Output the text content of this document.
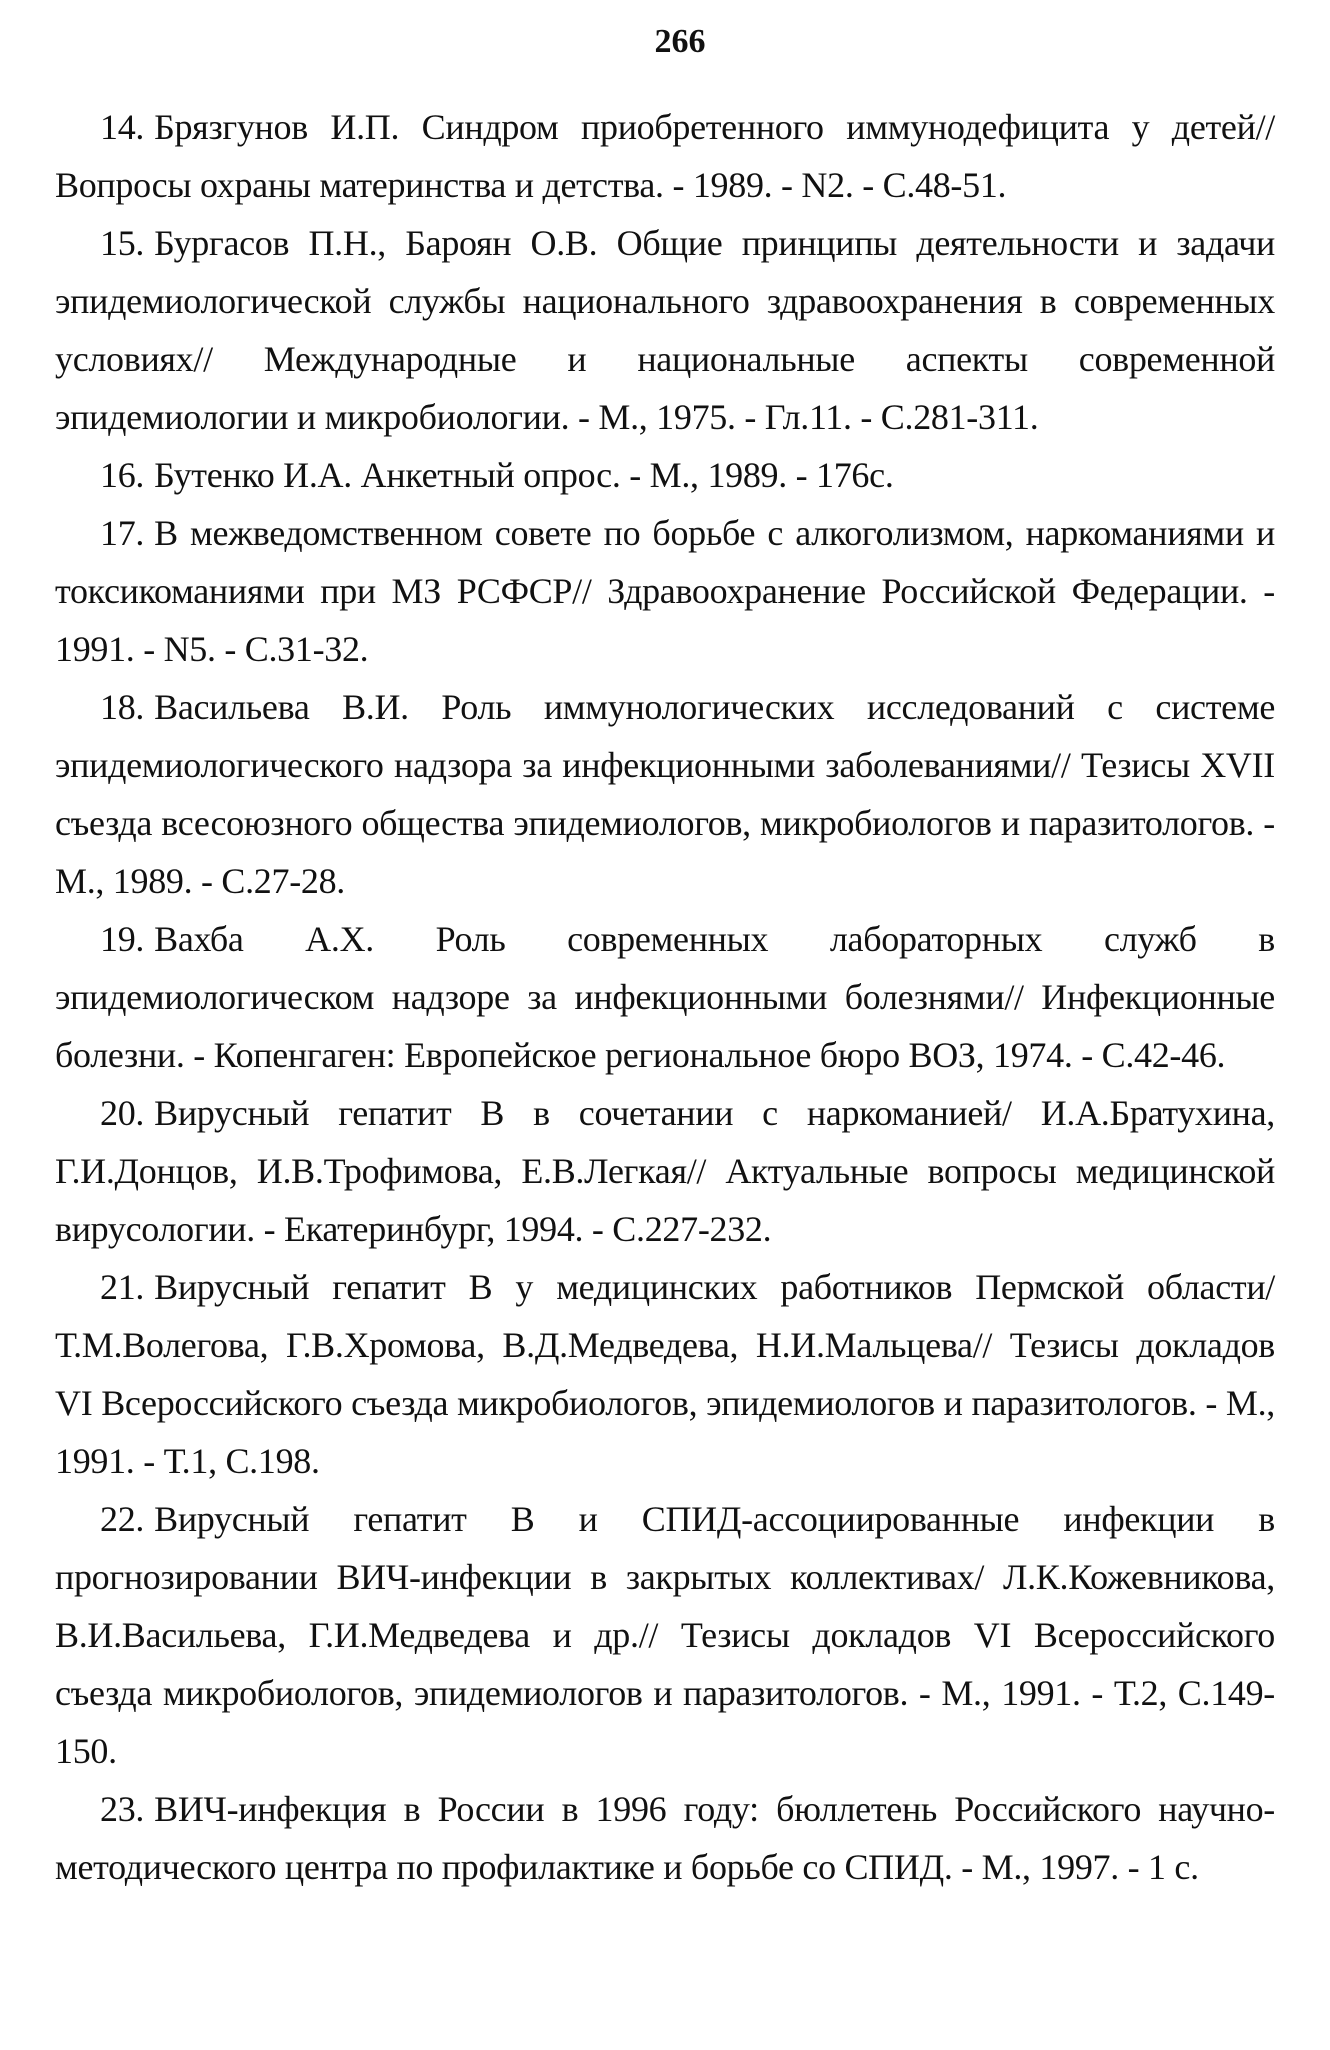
266

14. Брязгунов И.П. Синдром приобретенного иммунодефицита у детей// Вопросы охраны материнства и детства. - 1989. - N2. - С.48-51.

15. Бургасов П.Н., Бароян О.В. Общие принципы деятельности и задачи эпидемиологической службы национального здравоохранения в современных условиях// Международные и национальные аспекты современной эпидемиологии и микробиологии. - М., 1975. - Гл.11. - С.281-311.

16. Бутенко И.А. Анкетный опрос. - М., 1989. - 176с.

17. В межведомственном совете по борьбе с алкоголизмом, наркоманиями и токсикоманиями при МЗ РСФСР// Здравоохранение Российской Федерации. - 1991. - N5. - С.31-32.

18. Васильева В.И. Роль иммунологических исследований с системе эпидемиологического надзора за инфекционными заболеваниями// Тезисы XVII съезда всесоюзного общества эпидемиологов, микробиологов и паразитологов. - М., 1989. - С.27-28.

19. Вахба А.Х. Роль современных лабораторных служб в эпидемиологическом надзоре за инфекционными болезнями// Инфекционные болезни. - Копенгаген: Европейское региональное бюро ВОЗ, 1974. - С.42-46.

20. Вирусный гепатит В в сочетании с наркоманией/ И.А.Братухина, Г.И.Донцов, И.В.Трофимова, Е.В.Легкая// Актуальные вопросы медицинской вирусологии. - Екатеринбург, 1994. - С.227-232.

21. Вирусный гепатит В у медицинских работников Пермской области/ Т.М.Волегова, Г.В.Хромова, В.Д.Медведева, Н.И.Мальцева// Тезисы докладов VI Всероссийского съезда микробиологов, эпидемиологов и паразитологов. - М., 1991. - Т.1, С.198.

22. Вирусный гепатит В и СПИД-ассоциированные инфекции в прогнозировании ВИЧ-инфекции в закрытых коллективах/ Л.К.Кожевникова, В.И.Васильева, Г.И.Медведева и др.// Тезисы докладов VI Всероссийского съезда микробиологов, эпидемиологов и паразитологов. - М., 1991. - Т.2, С.149-150.

23. ВИЧ-инфекция в России в 1996 году: бюллетень Российского научно-методического центра по профилактике и борьбе со СПИД. - М., 1997. - 1 с.
